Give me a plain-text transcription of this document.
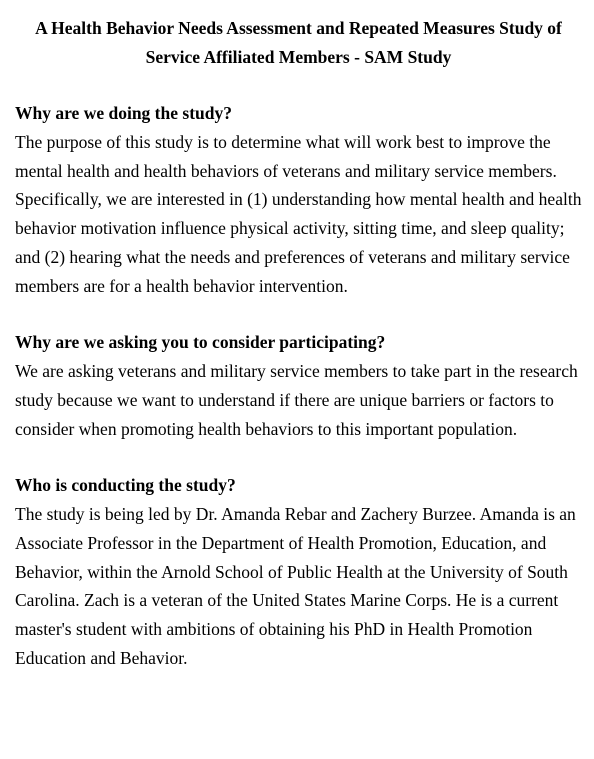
A Health Behavior Needs Assessment and Repeated Measures Study of Service Affiliated Members - SAM Study
Why are we doing the study?
The purpose of this study is to determine what will work best to improve the mental health and health behaviors of veterans and military service members. Specifically, we are interested in (1) understanding how mental health and health behavior motivation influence physical activity, sitting time, and sleep quality; and (2) hearing what the needs and preferences of veterans and military service members are for a health behavior intervention.
Why are we asking you to consider participating?
We are asking veterans and military service members to take part in the research study because we want to understand if there are unique barriers or factors to consider when promoting health behaviors to this important population.
Who is conducting the study?
The study is being led by Dr. Amanda Rebar and Zachery Burzee. Amanda is an Associate Professor in the Department of Health Promotion, Education, and Behavior, within the Arnold School of Public Health at the University of South Carolina. Zach is a veteran of the United States Marine Corps. He is a current master's student with ambitions of obtaining his PhD in Health Promotion Education and Behavior.
